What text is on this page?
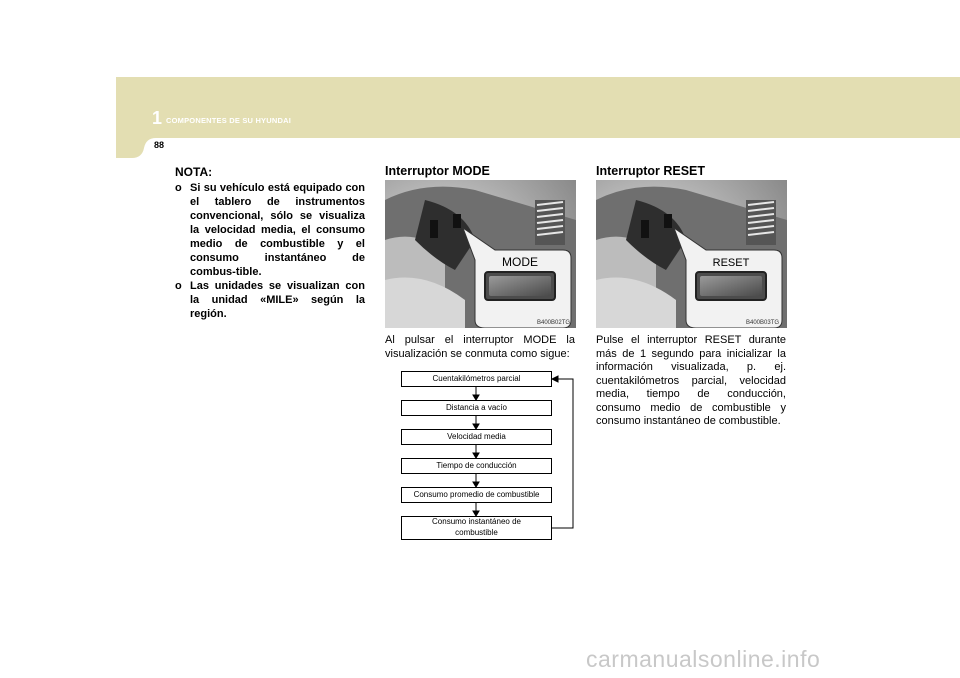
1 COMPONENTES DE SU HYUNDAI
88
NOTA:
o Si su vehículo está equipado con el tablero de instrumentos convencional, sólo se visualiza la velocidad media, el consumo medio de combustible y el consumo instantáneo de combus-tible.
o Las unidades se visualizan con la unidad «MILE» según la región.
Interruptor MODE
MODE
B400B02TG
Al pulsar el interruptor MODE la visualización se conmuta como sigue:
Cuentakilómetros parcial
Distancia a vacío
Velocidad media
Tiempo de conducción
Consumo promedio de combustible
Consumo instantáneo de
combustible
Interruptor RESET
RESET
B400B03TG
Pulse el interruptor RESET durante más de 1 segundo para inicializar la información visualizada, p. ej. cuentakilómetros parcial, velocidad media, tiempo de conducción, consumo medio de combustible y consumo instantáneo de combustible.
carmanualsonline.info
